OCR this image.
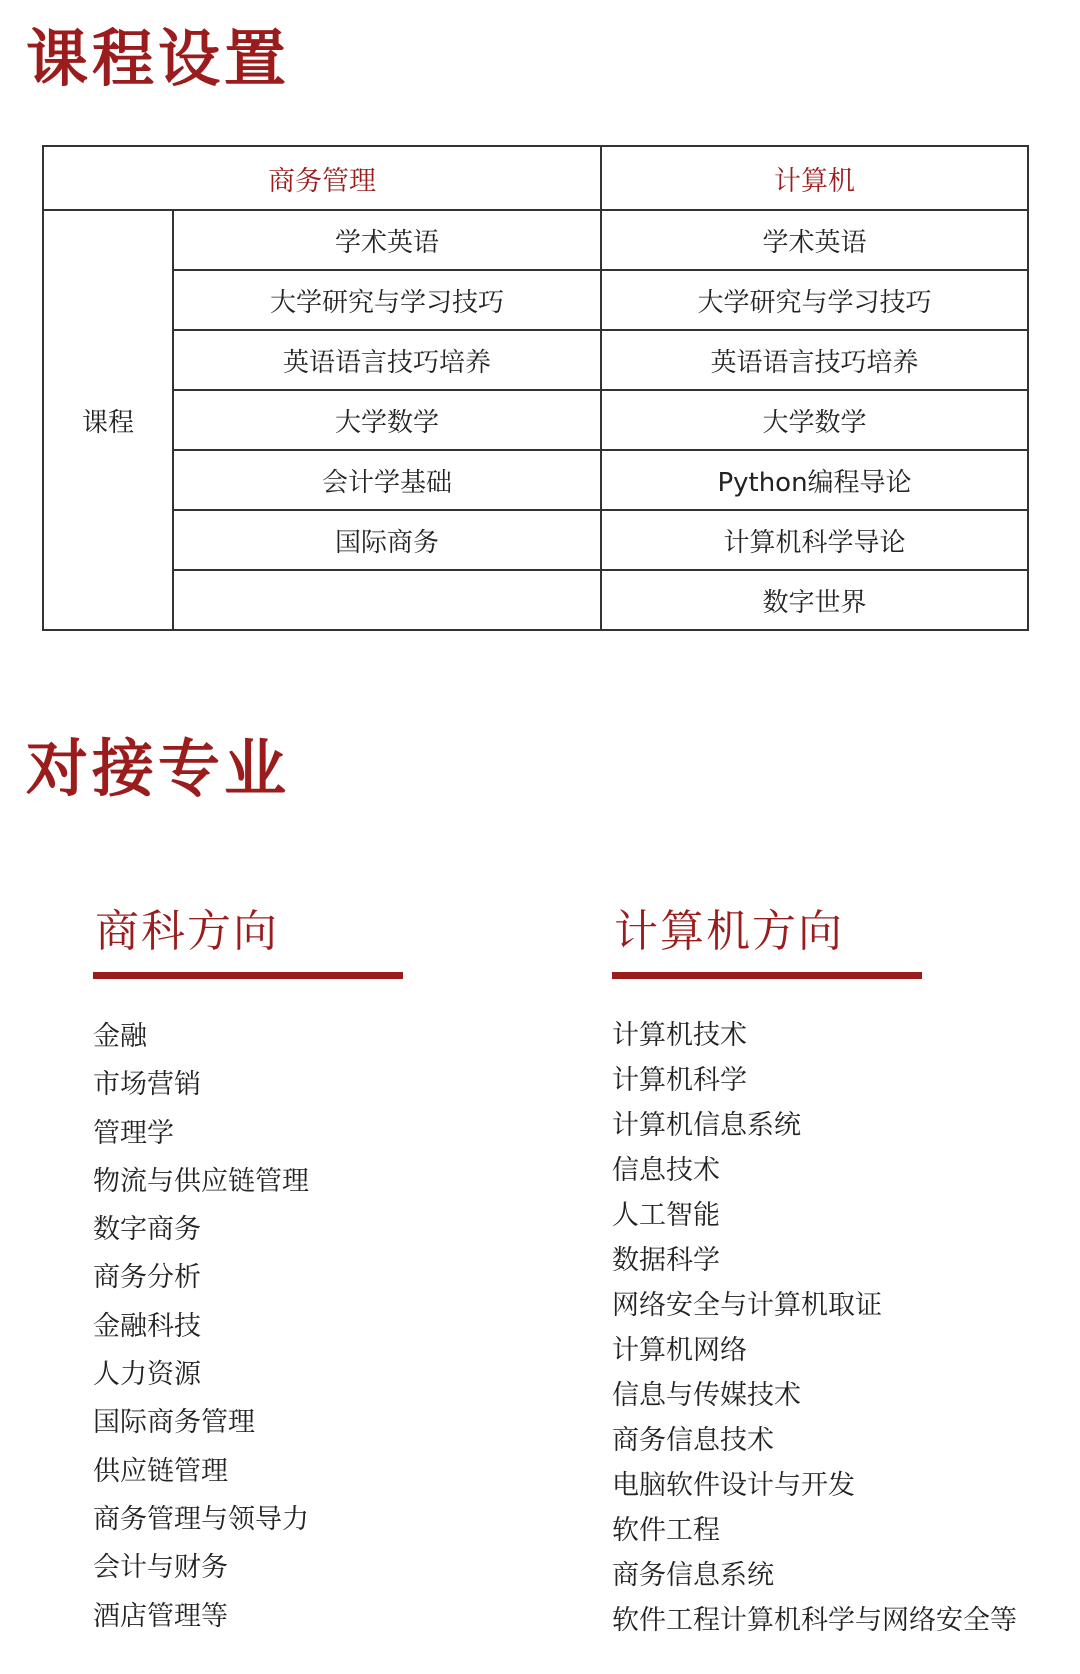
课程设置
商务管理		计算机
课程	学术英语	学术英语
	大学研究与学习技巧	大学研究与学习技巧
	英语语言技巧培养	英语语言技巧培养
	大学数学	大学数学
	会计学基础	Python编程导论
	国际商务	计算机科学导论
		数字世界
对接专业
商科方向
金融
市场营销
管理学
物流与供应链管理
数字商务
商务分析
金融科技
人力资源
国际商务管理
供应链管理
商务管理与领导力
会计与财务
酒店管理等
计算机方向
计算机技术
计算机科学
计算机信息系统
信息技术
人工智能
数据科学
网络安全与计算机取证
计算机网络
信息与传媒技术
商务信息技术
电脑软件设计与开发
软件工程
商务信息系统
软件工程计算机科学与网络安全等
